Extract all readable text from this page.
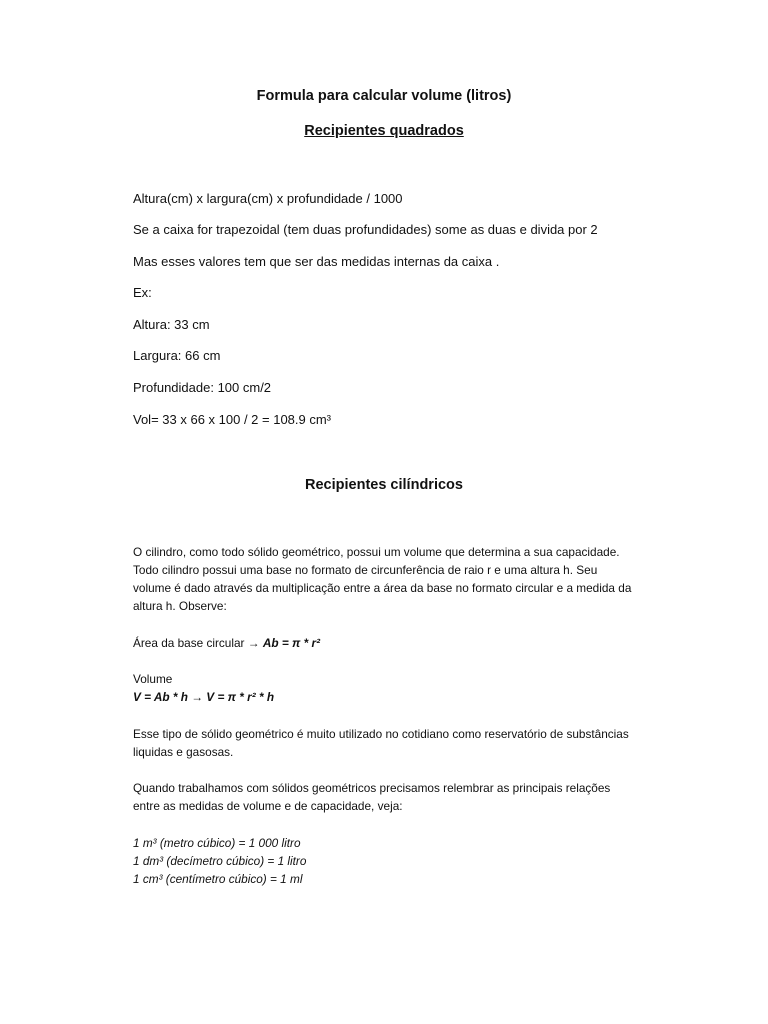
Formula para calcular volume (litros)
Recipientes quadrados
Altura(cm) x largura(cm) x profundidade / 1000
Se a caixa for trapezoidal (tem duas profundidades) some as duas e divida por 2
Mas esses valores tem que ser das medidas internas da caixa .
Ex:
Altura: 33 cm
Largura: 66 cm
Profundidade: 100 cm/2
Vol= 33 x 66 x 100 / 2 = 108.9 cm³
Recipientes cilíndricos
O cilindro, como todo sólido geométrico, possui um volume que determina a sua capacidade.
Todo cilindro possui uma base no formato de circunferência de raio r e uma altura h. Seu
volume é dado através da multiplicação entre a área da base no formato circular e a medida da
altura h. Observe:
Área da base circular → Ab = π * r²
Volume
V = Ab * h → V = π * r² * h
Esse tipo de sólido geométrico é muito utilizado no cotidiano como reservatório de substâncias
liquidas e gasosas.
Quando trabalhamos com sólidos geométricos precisamos relembrar as principais relações
entre as medidas de volume e de capacidade, veja:
1 m³ (metro cúbico) = 1 000 litro
1 dm³ (decímetro cúbico) = 1 litro
1 cm³ (centímetro cúbico) = 1 ml
